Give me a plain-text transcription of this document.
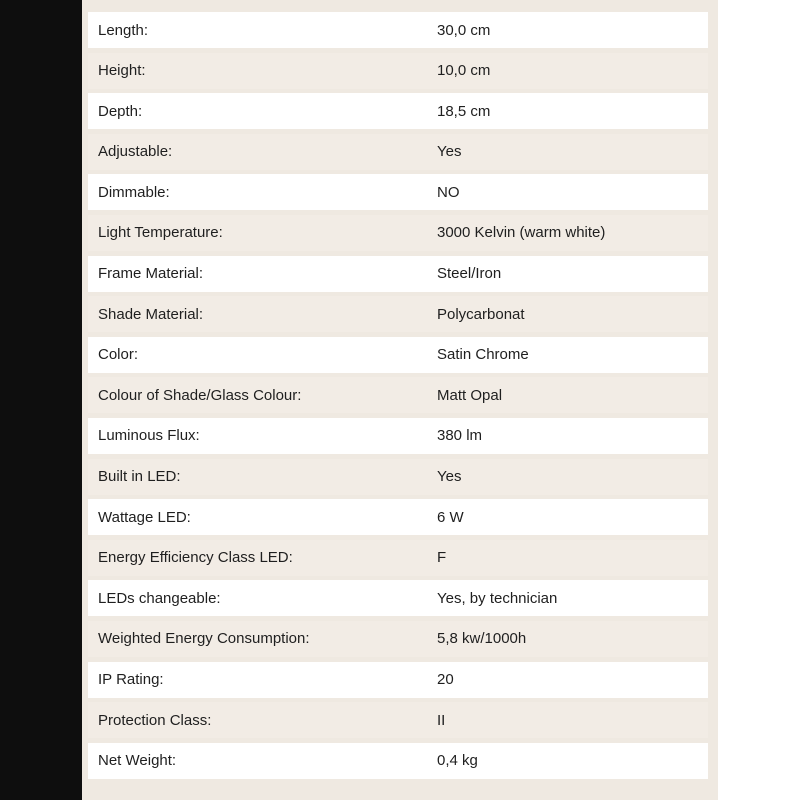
Length:	30,0 cm
Height:	10,0 cm
Depth:	18,5 cm
Adjustable:	Yes
Dimmable:	NO
Light Temperature:	3000 Kelvin (warm white)
Frame Material:	Steel/Iron
Shade Material:	Polycarbonat
Color:	Satin Chrome
Colour of Shade/Glass Colour:	Matt Opal
Luminous Flux:	380 lm
Built in LED:	Yes
Wattage LED:	6 W
Energy Efficiency Class LED:	F
LEDs changeable:	Yes, by technician
Weighted Energy Consumption:	5,8 kw/1000h
IP Rating:	20
Protection Class:	II
Net Weight:	0,4 kg
